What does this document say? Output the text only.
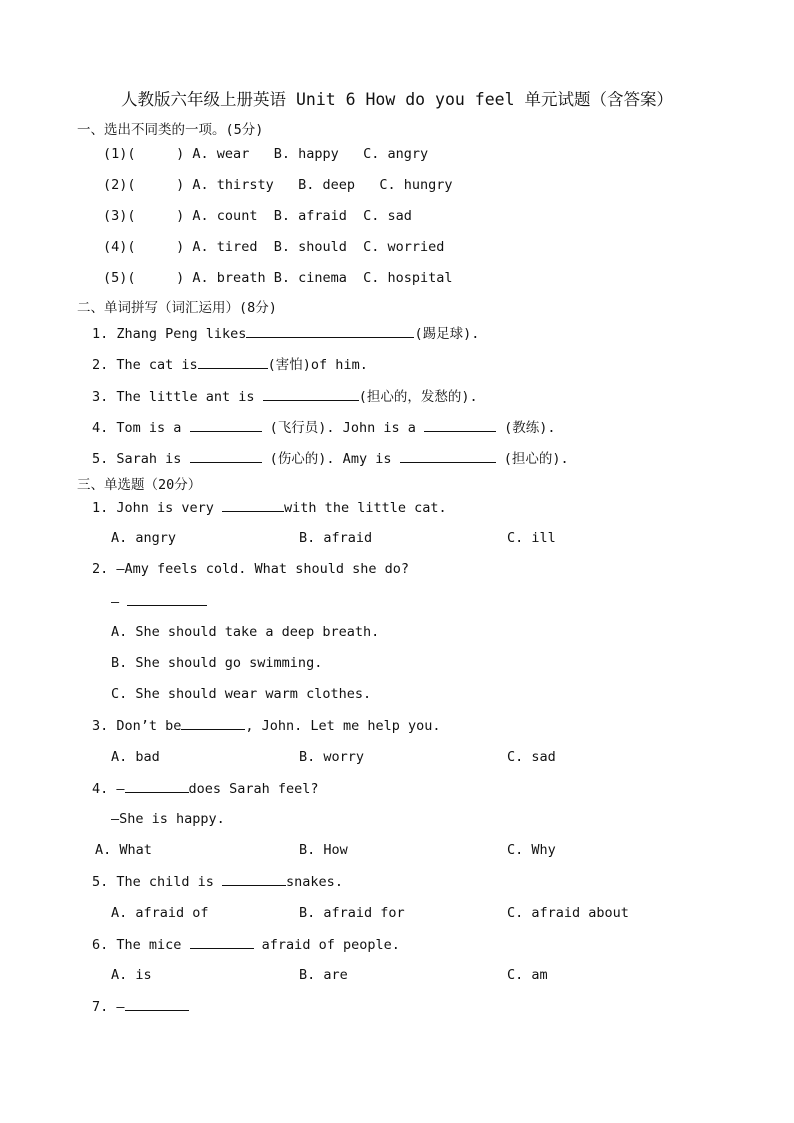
人教版六年级上册英语 Unit 6 How do you feel 单元试题（含答案）
一、选出不同类的一项。(5分)
(1)(     ) A. wear   B. happy   C. angry
(2)(     ) A. thirsty   B. deep   C. hungry
(3)(     ) A. count  B. afraid  C. sad
(4)(     ) A. tired  B. should  C. worried
(5)(     ) A. breath B. cinema  C. hospital
二、单词拼写（词汇运用）(8分)
1. Zhang Peng likes	(踢足球).
2. The cat is	(害怕)of him.
3. The little ant is	(担心的，发愁的).
4. Tom is a	(飞行员). John is a	(教练).
5. Sarah is	(伤心的). Amy is	(担心的).
三、单选题（20分）
1. John is very	with the little cat.
A. angry	B. afraid	C. ill
2. —Amy feels cold. What should she do?
—
A. She should take a deep breath.
B. She should go swimming.
C. She should wear warm clothes.
3. Don’t be	, John. Let me help you.
A. bad	B. worry	C. sad
4. —	does Sarah feel?
—She is happy.
A. What	B. How	C. Why
5. The child is	snakes.
A. afraid of	B. afraid for	C. afraid about
6. The mice	afraid of people.
A. is	B. are	C. am
7. —
